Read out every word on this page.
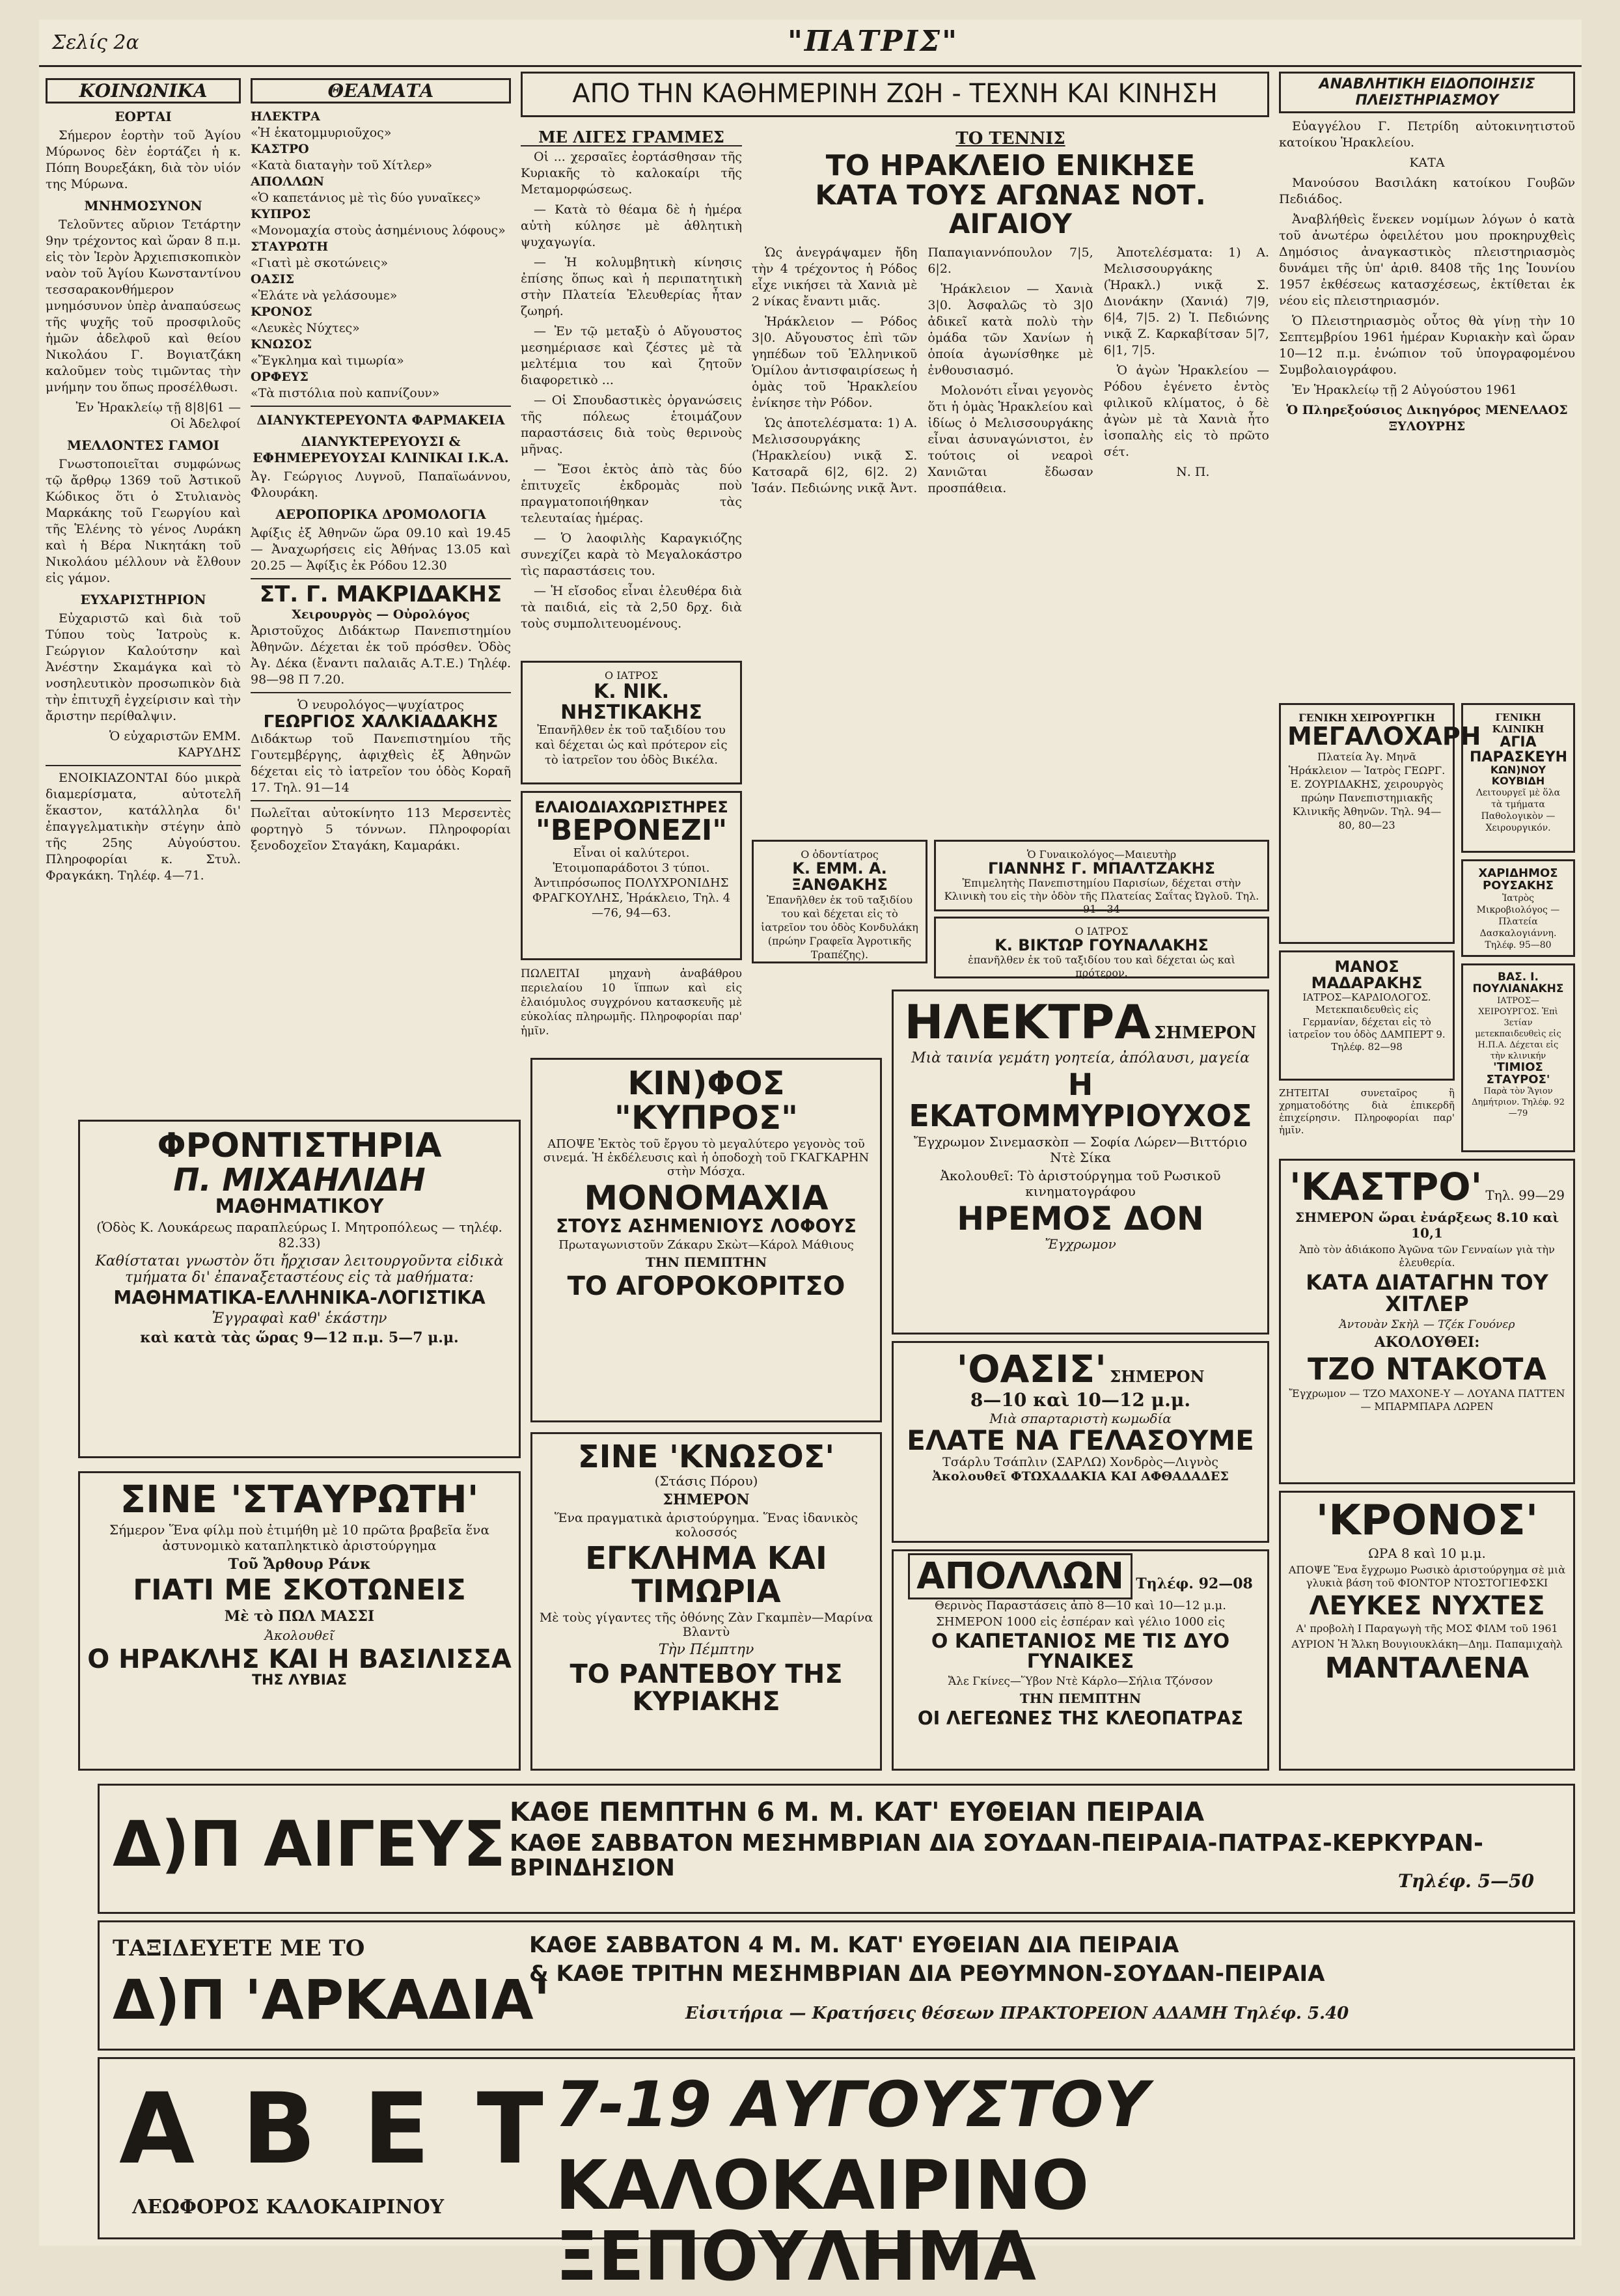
Σελίς 2α	"ΠΑΤΡΙΣ"
ΚΟΙΝΩΝΙΚΑ
ΕΟΡΤΑΙ

Σήμερον ἑορτὴν τοῦ Ἁγίου Μύρωνος δὲν ἑορτάζει ἡ κ. Πόπη Βουρεξάκη, διὰ τὸν υἱόν της Μύρωνα.

ΜΝΗΜΟΣΥΝΟΝ

Τελοῦντες αὔριον Τετάρτην 9ην τρέχοντος καὶ ὥραν 8 π.μ. εἰς τὸν Ἱερὸν Ἀρχιεπισκοπικὸν ναὸν τοῦ Ἁγίου Κωνσταντίνου τεσσαρακονθήμερον μνημόσυνον ὑπὲρ ἀναπαύσεως τῆς ψυχῆς τοῦ προσφιλοῦς ἡμῶν ἀδελφοῦ καὶ θείου Νικολάου Γ. Βογιατζάκη καλοῦμεν τοὺς τιμῶντας τὴν μνήμην του ὅπως προσέλθωσι.

Ἐν Ἡρακλείῳ τῇ 8|8|61 — Οἱ Ἀδελφοί

ΜΕΛΛΟΝΤΕΣ ΓΑΜΟΙ

Γνωστοποιεῖται συμφώνως τῷ ἄρθρῳ 1369 τοῦ Ἀστικοῦ Κώδικος ὅτι ὁ Στυλιανὸς Μαρκάκης τοῦ Γεωργίου καὶ τῆς Ἑλένης τὸ γένος Λυράκη καὶ ἡ Βέρα Νικητάκη τοῦ Νικολάου μέλλουν νὰ ἔλθουν εἰς γάμον.

ΕΥΧΑΡΙΣΤΗΡΙΟΝ

Εὐχαριστῶ καὶ διὰ τοῦ Τύπου τοὺς Ἰατροὺς κ. Γεώργιον Καλούτσην καὶ Ἀνέστην Σκαμάγκα καὶ τὸ νοσηλευτικὸν προσωπικὸν διὰ τὴν ἐπιτυχῆ ἐγχείρισιν καὶ τὴν ἄριστην περίθαλψιν.

Ὁ εὐχαριστῶν ΕΜΜ. ΚΑΡΥΔΗΣ

ΕΝΟΙΚΙΑΖΟΝΤΑΙ δύο μικρὰ διαμερίσματα, αὐτοτελῆ ἕκαστον, κατάλληλα δι' ἐπαγγελματικὴν στέγην ἀπὸ τῆς 25ης Αὐγούστου. Πληροφορίαι κ. Στυλ. Φραγκάκη. Τηλέφ. 4—71.

ΘΕΑΜΑΤΑ
ΗΛΕΚΤΡΑ
«Ἡ ἑκατομμυριοῦχος»
ΚΑΣΤΡΟ
«Κατὰ διαταγὴν τοῦ Χίτλερ»
ΑΠΟΛΛΩΝ
«Ὁ καπετάνιος μὲ τὶς δύο γυναῖκες»
ΚΥΠΡΟΣ
«Μονομαχία στοὺς ἀσημένιους λόφους»
ΣΤΑΥΡΩΤΗ
«Γιατὶ μὲ σκοτώνεις»
ΟΑΣΙΣ
«Ἐλάτε νὰ γελάσουμε»
ΚΡΟΝΟΣ
«Λευκὲς Νύχτες»
ΚΝΩΣΟΣ
«Ἔγκλημα καὶ τιμωρία»
ΟΡΦΕΥΣ
«Τὰ πιστόλια ποὺ καπνίζουν»
ΔΙΑΝΥΚΤΕΡΕΥΟΝΤΑ ΦΑΡΜΑΚΕΙΑ
ΔΙΑΝΥΚΤΕΡΕΥΟΥΣΙ & ΕΦΗΜΕΡΕΥΟΥΣΑΙ ΚΛΙΝΙΚΑΙ Ι.Κ.Α.
Ἀγ. Γεώργιος Λυγνοῦ, Παπαϊωάννου, Φλουράκη.
ΑΕΡΟΠΟΡΙΚΑ ΔΡΟΜΟΛΟΓΙΑ
Ἀφίξις ἐξ Ἀθηνῶν ὥρα 09.10 καὶ 19.45 — Ἀναχωρήσεις εἰς Ἀθήνας 13.05 καὶ 20.25 — Ἀφίξις ἐκ Ρόδου 12.30
ΣΤ. Γ. ΜΑΚΡΙΔΑΚΗΣ
Χειρουργὸς — Οὐρολόγος
Ἀριστοῦχος Διδάκτωρ Πανεπιστημίου Ἀθηνῶν. Δέχεται ἐκ τοῦ πρόσθεν. Ὁδὸς Ἀγ. Δέκα (ἔναντι παλαιᾶς Α.Τ.Ε.) Τηλέφ. 98—98 Π 7.20.
Ὁ νευρολόγος—ψυχίατρος
ΓΕΩΡΓΙΟΣ ΧΑΛΚΙΑΔΑΚΗΣ
Διδάκτωρ τοῦ Πανεπιστημίου τῆς Γουτεμβέργης, ἀφιχθεὶς ἐξ Ἀθηνῶν δέχεται εἰς τὸ ἰατρεῖον του ὁδὸς Κοραῆ 17. Τηλ. 91—14
Πωλεῖται αὐτοκίνητο 113 Μερσεντὲς φορτηγὸ 5 τόννων. Πληροφορίαι ξενοδοχεῖον Σταγάκη, Καμαράκι.
ΑΠΟ ΤΗΝ ΚΑΘΗΜΕΡΙΝΗ ΖΩΗ - ΤΕΧΝΗ ΚΑΙ ΚΙΝΗΣΗ
ΜΕ ΛΙΓΕΣ ΓΡΑΜΜΕΣ

Οἱ ... χερσαῖες ἐορτάσθησαν τῆς Κυριακῆς τὸ καλοκαίρι τῆς Μεταμορφώσεως.

— Κατὰ τὸ θέαμα δὲ ἡ ἡμέρα αὐτὴ κύλησε μὲ ἀθλητικὴ ψυχαγωγία.

— Ἡ κολυμβητικὴ κίνησις ἐπίσης ὅπως καὶ ἡ περιπατητικὴ στὴν Πλατεία Ἐλευθερίας ἦταν ζωηρή.

— Ἐν τῷ μεταξὺ ὁ Αὔγουστος μεσημέριασε καὶ ζέστες μὲ τὰ μελτέμια του καὶ ζητοῦν διαφορετικὸ ...

— Οἱ Σπουδαστικὲς ὀργανώσεις τῆς πόλεως ἑτοιμάζουν παραστάσεις διὰ τοὺς θερινοὺς μῆνας.

— Ἔσοι ἐκτὸς ἀπὸ τὰς δύο ἐπιτυχεῖς ἐκδρομὰς ποὺ πραγματοποιήθηκαν τὰς τελευταίας ἡμέρας.

— Ὁ λαοφιλὴς Καραγκιόζης συνεχίζει καρὰ τὸ Μεγαλοκάστρο τὶς παραστάσεις του.

— Ἡ εἴσοδος εἶναι ἐλευθέρα διὰ τὰ παιδιά, εἰς τὰ 2,50 δρχ. διὰ τοὺς συμπολιτευομένους.

Ο ΙΑΤΡΟΣ
Κ. ΝΙΚ. ΝΗΣΤΙΚΑΚΗΣ
Ἐπανῆλθεν ἐκ τοῦ ταξιδίου του καὶ δέχεται ὡς καὶ πρότερον εἰς τὸ ἰατρεῖον του ὁδὸς Βικέλα.
ΕΛΑΙΟΔΙΑΧΩΡΙΣΤΗΡΕΣ
"ΒΕΡΟΝΕΖΙ"
Εἶναι οἱ καλύτεροι. Ἑτοιμοπαράδοτοι 3 τύποι. Ἀντιπρόσωπος ΠΟΛΥΧΡΟΝΙΔΗΣ ΦΡΑΓΚΟΥΛΗΣ, Ἡράκλειο, Τηλ. 4—76, 94—63.
ΠΩΛΕΙΤΑΙ μηχανὴ ἀναβάθρου περιελαίου 10 ἵππων καὶ εἰς ἐλαιόμυλος συγχρόνου κατασκευῆς μὲ εὐκολίας πληρωμῆς. Πληροφορίαι παρ' ἡμῖν.
ΤΟ ΤΕΝΝΙΣ
ΤΟ ΗΡΑΚΛΕΙΟ ΕΝΙΚΗΣΕ
ΚΑΤΑ ΤΟΥΣ ΑΓΩΝΑΣ ΝΟΤ. ΑΙΓΑΙΟΥ

Ὡς ἀνεγράψαμεν ἤδη τὴν 4 τρέχοντος ἡ Ρόδος εἶχε νικήσει τὰ Χανιὰ μὲ 2 νίκας ἔναντι μιᾶς.

Ἡράκλειον — Ρόδος 3|0. Αὔγουστος ἐπὶ τῶν γηπέδων τοῦ Ἑλληνικοῦ Ὁμίλου ἀντισφαιρίσεως ἡ ὁμὰς τοῦ Ἡρακλείου ἐνίκησε τὴν Ρόδον.

Ὡς ἀποτελέσματα: 1) Α. Μελισσουργάκης (Ἡρακλείου) νικᾷ Σ. Κατσαρᾶ 6|2, 6|2. 2) Ἰσάν. Πεδιώνης νικᾷ Ἀντ. Παπαγιαννόπουλον 7|5, 6|2.

Ἡράκλειον — Χανιὰ 3|0. Ἀσφαλῶς τὸ 3|0 ἀδικεῖ κατὰ πολὺ τὴν ὁμάδα τῶν Χανίων ἡ ὁποία ἀγωνίσθηκε μὲ ἐνθουσιασμό.

Μολονότι εἶναι γεγονὸς ὅτι ἡ ὁμὰς Ἡρακλείου καὶ ἰδίως ὁ Μελισσουργάκης εἶναι ἀσυναγώνιστοι, ἐν τούτοις οἱ νεαροὶ Χανιῶται ἔδωσαν προσπάθεια.

Ἀποτελέσματα: 1) Α. Μελισσουργάκης (Ἡρακλ.) νικᾷ Σ. Διονάκην (Χανιά) 7|9, 6|4, 7|5. 2) Ἰ. Πεδιώνης νικᾷ Ζ. Καρκαβίτσαν 5|7, 6|1, 7|5.

Ὁ ἀγὼν Ἡρακλείου — Ρόδου ἐγένετο ἐντὸς φιλικοῦ κλίματος, ὁ δὲ ἀγὼν μὲ τὰ Χανιὰ ἦτο ἰσοπαλὴς εἰς τὸ πρῶτο σέτ.

Ν. Π.

Ο ὀδοντίατρος
Κ. ΕΜΜ. Α. ΞΑΝΘΑΚΗΣ
Ἐπανῆλθεν ἐκ τοῦ ταξιδίου του καὶ δέχεται εἰς τὸ ἰατρεῖον του ὁδὸς Κονδυλάκη (πρώην Γραφεῖα Ἀγροτικῆς Τραπέζης).
Ὁ Γυναικολόγος—Μαιευτὴρ
ΓΙΑΝΝΗΣ Γ. ΜΠΑΛΤΖΑΚΗΣ
Ἐπιμελητὴς Πανεπιστημίου Παρισίων, δέχεται στὴν Κλινικὴ του εἰς τὴν ὁδὸν τῆς Πλατείας Σαΐτας Ὠγλοῦ. Τηλ. 91—34
Ο ΙΑΤΡΟΣ
Κ. ΒΙΚΤΩΡ ΓΟΥΝΑΛΑΚΗΣ
ἐπανῆλθεν ἐκ τοῦ ταξιδίου του καὶ δέχεται ὡς καὶ πρότερον.
ΑΝΑΒΛΗΤΙΚΗ ΕΙΔΟΠΟΙΗΣΙΣ ΠΛΕΙΣΤΗΡΙΑΣΜΟΥ

Εὐαγγέλου Γ. Πετρίδη αὐτοκινητιστοῦ κατοίκου Ἡρακλείου.

ΚΑΤΑ

Μανούσου Βασιλάκη κατοίκου Γουβῶν Πεδιάδος.

Ἀναβλήθεὶς ἕνεκεν νομίμων λόγων ὁ κατὰ τοῦ ἀνωτέρω ὀφειλέτου μου προκηρυχθεὶς Δημόσιος ἀναγκαστικὸς πλειστηριασμὸς δυνάμει τῆς ὑπ' ἀριθ. 8408 τῆς 1ης Ἰουνίου 1957 ἐκθέσεως κατασχέσεως, ἐκτίθεται ἐκ νέου εἰς πλειστηριασμόν.

Ὁ Πλειστηριασμὸς οὗτος θὰ γίνῃ τὴν 10 Σεπτεμβρίου 1961 ἡμέραν Κυριακὴν καὶ ὥραν 10—12 π.μ. ἐνώπιον τοῦ ὑπογραφομένου Συμβολαιογράφου.

Ἐν Ἡρακλείῳ τῇ 2 Αὐγούστου 1961

Ὁ Πληρεξούσιος Δικηγόρος ΜΕΝΕΛΑΟΣ ΞΥΛΟΥΡΗΣ

ΓΕΝΙΚΗ ΧΕΙΡΟΥΡΓΙΚΗ
ΜΕΓΑΛΟΧΑΡΗ
Πλατεία Ἁγ. Μηνᾶ Ἡράκλειον — Ἰατρὸς ΓΕΩΡΓ. Ε. ΖΟΥΡΙΔΑΚΗΣ, χειρουργὸς πρώην Πανεπιστημιακῆς Κλινικῆς Ἀθηνῶν. Τηλ. 94—80, 80—23
ΓΕΝΙΚΗ ΚΛΙΝΙΚΗ
ΑΓΙΑ ΠΑΡΑΣΚΕΥΗ
ΚΩΝ)ΝΟΥ ΚΟΥΒΙΔΗ
Λειτουργεῖ μὲ ὅλα τὰ τμήματα Παθολογικὸν — Χειρουργικόν.
ΧΑΡΙΔΗΜΟΣ ΡΟΥΣΑΚΗΣ
Ἰατρὸς Μικροβιολόγος — Πλατεία Δασκαλογιάννη. Τηλέφ. 95—80
ΜΑΝΟΣ ΜΑΔΑΡΑΚΗΣ
ΙΑΤΡΟΣ—ΚΑΡΔΙΟΛΟΓΟΣ. Μετεκπαιδευθεὶς εἰς Γερμανίαν, δέχεται εἰς τὸ ἰατρεῖον του ὁδὸς ΔΑΜΠΕΡΤ 9. Τηλέφ. 82—98
ΒΑΣ. Ι. ΠΟΥΛΙΑΝΑΚΗΣ
ΙΑΤΡΟΣ—ΧΕΙΡΟΥΡΓΟΣ. Ἐπὶ 3ετίαν μετεκπαιδευθεὶς εἰς Η.Π.Α. Δέχεται εἰς τὴν κλινικήν
'ΤΙΜΙΟΣ ΣΤΑΥΡΟΣ'
Παρὰ τὸν Ἅγιον Δημήτριον. Τηλέφ. 92—79
ΖΗΤΕΙΤΑΙ συνεταῖρος ἢ χρηματοδότης διὰ ἐπικερδῆ ἐπιχείρησιν. Πληροφορίαι παρ' ἡμῖν.
ΦΡΟΝΤΙΣΤΗΡΙΑ
Π. ΜΙΧΑΗΛΙΔΗ
ΜΑΘΗΜΑΤΙΚΟΥ

(Ὁδὸς Κ. Λουκάρεως παραπλεύρως Ι. Μητροπόλεως — τηλέφ. 82.33)

Καθίσταται γνωστὸν ὅτι ἤρχισαν λειτουργοῦντα εἰδικὰ τμήματα δι' ἐπαναξεταστέους εἰς τὰ μαθήματα:

ΜΑΘΗΜΑΤΙΚΑ-ΕΛΛΗΝΙΚΑ-ΛΟΓΙΣΤΙΚΑ

Ἐγγραφαὶ καθ' ἑκάστην

καὶ κατὰ τὰς ὥρας 9—12 π.μ. 5—7 μ.μ.

ΣΙΝΕ 'ΣΤΑΥΡΩΤΗ'

Σήμερον Ἕνα φίλμ ποὺ ἐτιμήθη μὲ 10 πρῶτα βραβεῖα ἕνα ἀστυνομικὸ καταπληκτικὸ ἀριστούργημα

Τοῦ Ἄρθουρ Ράνκ

ΓΙΑΤΙ ΜΕ ΣΚΟΤΩΝΕΙΣ

Μὲ τὸ ΠΩΛ ΜΑΣΣΙ

Ἀκολουθεῖ

Ο ΗΡΑΚΛΗΣ ΚΑΙ Η ΒΑΣΙΛΙΣΣΑ
ΤΗΣ ΛΥΒΙΑΣ
ΚΙΝ)ΦΟΣ "ΚΥΠΡΟΣ"

ΑΠΟΨΕ Ἐκτὸς τοῦ ἔργου τὸ μεγαλύτερο γεγονὸς τοῦ σινεμά. Ἡ ἐκδέλευσις καὶ ἡ ὁποδοχὴ τοῦ ΓΚΑΓΚΑΡΗΝ στὴν Μόσχα.

ΜΟΝΟΜΑΧΙΑ
ΣΤΟΥΣ ΑΣΗΜΕΝΙΟΥΣ ΛΟΦΟΥΣ

Πρωταγωνιστοῦν Ζάκαρυ Σκὼτ—Κάρολ Μάθιους

ΤΗΝ ΠΕΜΠΤΗΝ

ΤΟ ΑΓΟΡΟΚΟΡΙΤΣΟ
ΣΙΝΕ 'ΚΝΩΣΟΣ'
(Στάσις Πόρου)

ΣΗΜΕΡΟΝ

Ἕνα πραγματικὰ ἀριστούργημα. Ἕνας ἰδανικὸς κολοσσός

ΕΓΚΛΗΜΑ ΚΑΙ ΤΙΜΩΡΙΑ

Μὲ τοὺς γίγαντες τῆς ὀθόνης Ζὰν Γκαμπὲν—Μαρίνα Βλαντὺ

Τὴν Πέμπτην

ΤΟ ΡΑΝΤΕΒΟΥ ΤΗΣ ΚΥΡΙΑΚΗΣ
ΗΛΕΚΤΡΑ ΣΗΜΕΡΟΝ

Μιὰ ταινία γεμάτη γοητεία, ἀπόλαυσι, μαγεία

Η ΕΚΑΤΟΜΜΥΡΙΟΥΧΟΣ

Ἔγχρωμον Σινεμασκὸπ — Σοφία Λώρεν—Βιττόριο Ντὲ Σίκα

Ἀκολουθεῖ: Τὸ ἀριστούργημα τοῦ Ρωσικοῦ κινηματογράφου

ΗΡΕΜΟΣ ΔΟΝ
Ἔγχρωμον
'ΟΑΣΙΣ' ΣΗΜΕΡΟΝ
8—10 καὶ 10—12 μ.μ.
Μιὰ σπαρταριστὴ κωμωδία
ΕΛΑΤΕ ΝΑ ΓΕΛΑΣΟΥΜΕ
Τσάρλυ Τσάπλιν (ΣΑΡΛΩ) Χονδρὸς—Λιγνὸς
Ἀκολουθεῖ ΦΤΩΧΑΔΑΚΙΑ ΚΑΙ ΑΦΘΑΔΑΔΕΣ
ΑΠΟΛΛΩΝ Τηλέφ. 92—08

Θερινὸς Παραστάσεις ἀπὸ 8—10 καὶ 10—12 μ.μ.

ΣΗΜΕΡΟΝ 1000 εἰς ἑσπέραν καὶ γέλιο 1000 εἰς

Ο ΚΑΠΕΤΑΝΙΟΣ ΜΕ ΤΙΣ ΔΥΟ ΓΥΝΑΙΚΕΣ

Ἄλε Γκίνες—Ὕβον Ντὲ Κάρλο—Σήλια Τζόνσον

ΤΗΝ ΠΕΜΠΤΗΝ

ΟΙ ΛΕΓΕΩΝΕΣ ΤΗΣ ΚΛΕΟΠΑΤΡΑΣ
'ΚΑΣΤΡΟ' Τηλ. 99—29

ΣΗΜΕΡΟΝ ὥραι ἐνάρξεως 8.10 καὶ 10,1

Ἀπὸ τὸν ἀδιάκοπο Ἀγῶνα τῶν Γενναίων γιὰ τὴν ἐλευθερία.

ΚΑΤΑ ΔΙΑΤΑΓΗΝ ΤΟΥ ΧΙΤΛΕΡ

Ἀντουὰν Σκὴλ — Τζέκ Γουόνερ

ΑΚΟΛΟΥΘΕΙ:

ΤΖΟ ΝΤΑΚΟΤΑ

Ἔγχρωμον — ΤΖΟ ΜΑΧΟΝΕ-Υ — ΛΟΥΑΝΑ ΠΑΤΤΕΝ — ΜΠΑΡΜΠΑΡΑ ΛΩΡΕΝ

'ΚΡΟΝΟΣ'

ΩΡΑ 8 καὶ 10 μ.μ.

ΑΠΟΨΕ Ἕνα ἔγχρωμο Ρωσικὸ ἀριστούργημα σὲ μιὰ γλυκιὰ βάση τοῦ ΦΙΟΝΤΟΡ ΝΤΟΣΤΟΓΙΕΦΣΚΙ

ΛΕΥΚΕΣ ΝΥΧΤΕΣ

Α' προβολὴ Ι Παραγωγὴ τῆς ΜΟΣ ΦΙΛΜ τοῦ 1961

ΑΥΡΙΟΝ Ἡ Ἄλκη Βουγιουκλάκη—Δημ. Παπαμιχαὴλ

ΜΑΝΤΑΛΕΝΑ
Δ)Π ΑΙΓΕΥΣ ΚΑΘΕ ΠΕΜΠΤΗΝ 6 Μ. Μ. ΚΑΤ' ΕΥΘΕΙΑΝ ΠΕΙΡΑΙΑ
ΚΑΘΕ ΣΑΒΒΑΤΟΝ ΜΕΣΗΜΒΡΙΑΝ ΔΙΑ ΣΟΥΔΑΝ-ΠΕΙΡΑΙΑ-ΠΑΤΡΑΣ-ΚΕΡΚΥΡΑΝ-ΒΡΙΝΔΗΣΙΟΝ	Τηλέφ. 5—50
ΤΑΞΙΔΕΥΕΤΕ ΜΕ ΤΟ
Δ)Π 'ΑΡΚΑΔΙΑ'
ΚΑΘΕ ΣΑΒΒΑΤΟΝ 4 Μ. Μ. ΚΑΤ' ΕΥΘΕΙΑΝ ΔΙΑ ΠΕΙΡΑΙΑ
& ΚΑΘΕ ΤΡΙΤΗΝ ΜΕΣΗΜΒΡΙΑΝ ΔΙΑ ΡΕΘΥΜΝΟΝ-ΣΟΥΔΑΝ-ΠΕΙΡΑΙΑ
Εἰσιτήρια — Κρατήσεις θέσεων ΠΡΑΚΤΟΡΕΙΟΝ ΑΔΑΜΗ Τηλέφ. 5.40
Α Β Ε Τ
ΛΕΩΦΟΡΟΣ ΚΑΛΟΚΑΙΡΙΝΟΥ
7-19 ΑΥΓΟΥΣΤΟΥ
ΚΑΛΟΚΑΙΡΙΝΟ ΞΕΠΟΥΛΗΜΑ
